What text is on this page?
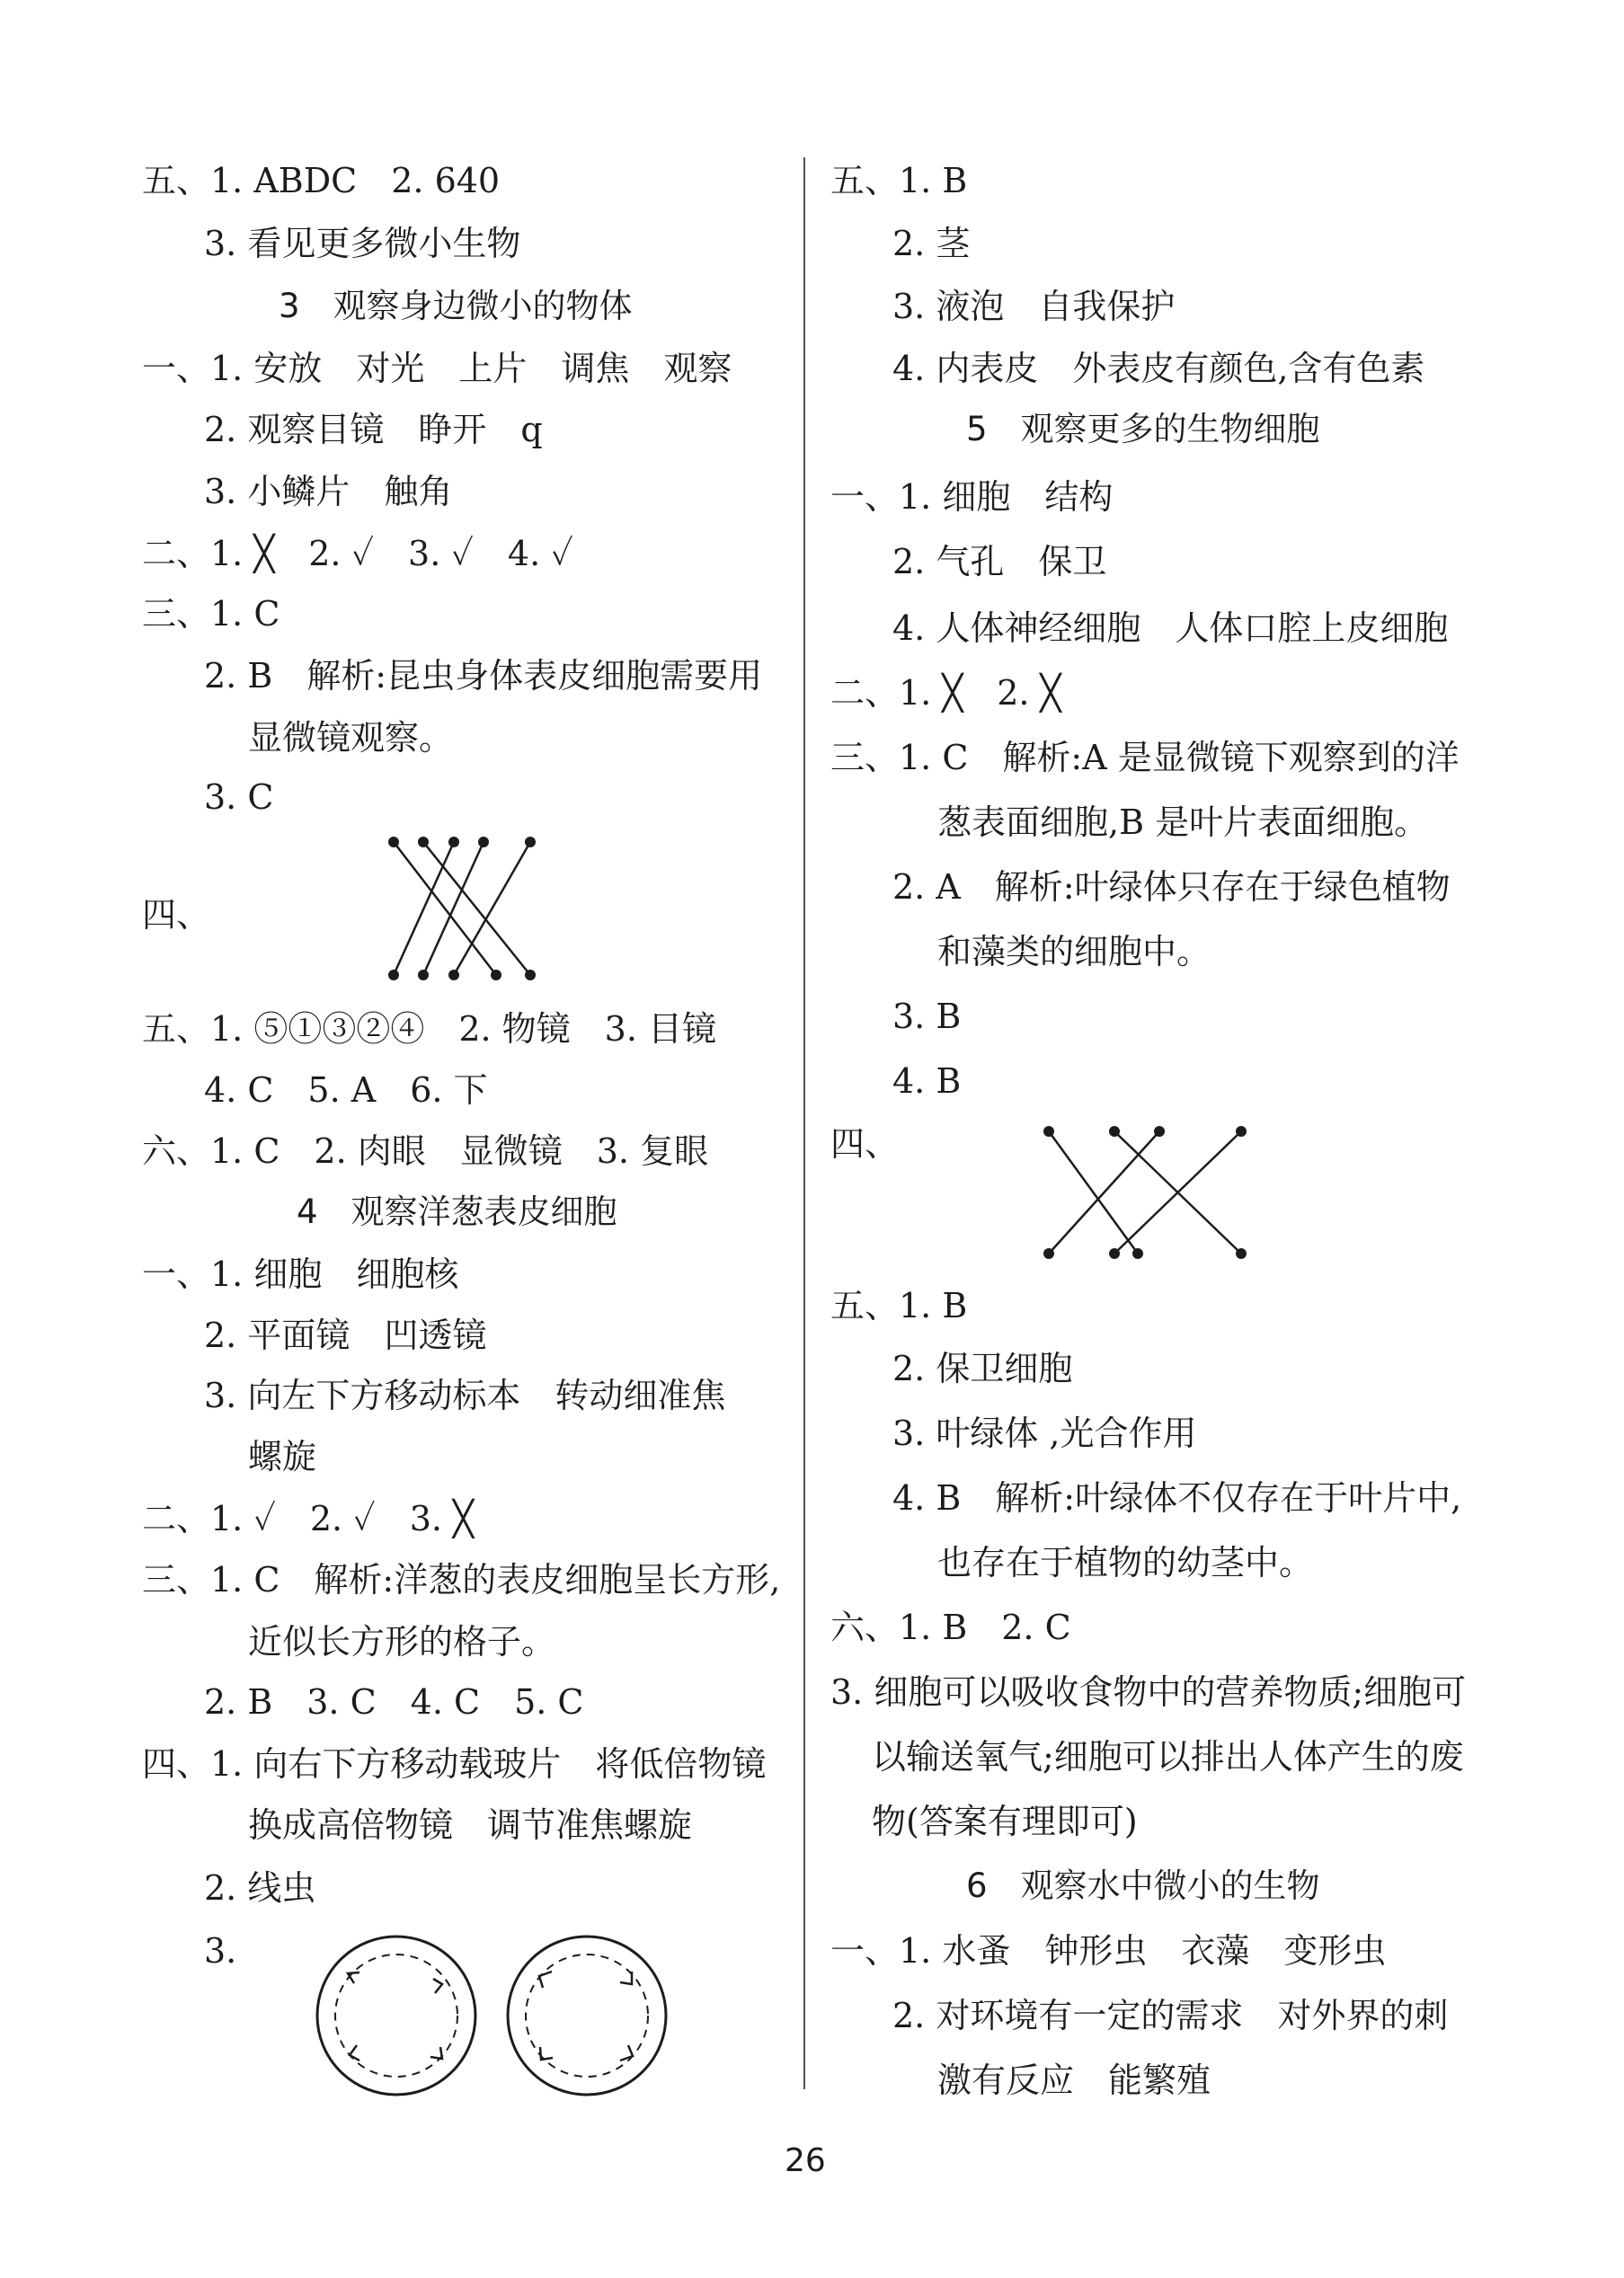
五、1. ABDC　2. 640
3. 看见更多微小生物
3　观察身边微小的物体
一、1. 安放　对光　上片　调焦　观察
2. 观察目镜　睁开　q
3. 小鳞片　触角
二、1. ╳　2. ✓　3. ✓　4. ✓
三、1. C
2. B　解析:昆虫身体表皮细胞需要用
显微镜观察。
3. C
四、
五、1. ⑤①③②④　2. 物镜　3. 目镜
4. C　5. A　6. 下
六、1. C　2. 肉眼　显微镜　3. 复眼
4　观察洋葱表皮细胞
一、1. 细胞　细胞核
2. 平面镜　凹透镜
3. 向左下方移动标本　转动细准焦
螺旋
二、1. ✓　2. ✓　3. ╳
三、1. C　解析:洋葱的表皮细胞呈长方形,
近似长方形的格子。
2. B　3. C　4. C　5. C
四、1. 向右下方移动载玻片　将低倍物镜
换成高倍物镜　调节准焦螺旋
2. 线虫
3.
五、1. B
2. 茎
3. 液泡　自我保护
4. 内表皮　外表皮有颜色,含有色素
5　观察更多的生物细胞
一、1. 细胞　结构
2. 气孔　保卫
4. 人体神经细胞　人体口腔上皮细胞
二、1. ╳　2. ╳
三、1. C　解析:A 是显微镜下观察到的洋
葱表面细胞,B 是叶片表面细胞。
2. A　解析:叶绿体只存在于绿色植物
和藻类的细胞中。
3. B
4. B
四、
五、1. B
2. 保卫细胞
3. 叶绿体 ,光合作用
4. B　解析:叶绿体不仅存在于叶片中,
也存在于植物的幼茎中。
六、1. B　2. C
3. 细胞可以吸收食物中的营养物质;细胞可
以输送氧气;细胞可以排出人体产生的废
物(答案有理即可)
6　观察水中微小的生物
一、1. 水蚤　钟形虫　衣藻　变形虫
2. 对环境有一定的需求　对外界的刺
激有反应　能繁殖
26
